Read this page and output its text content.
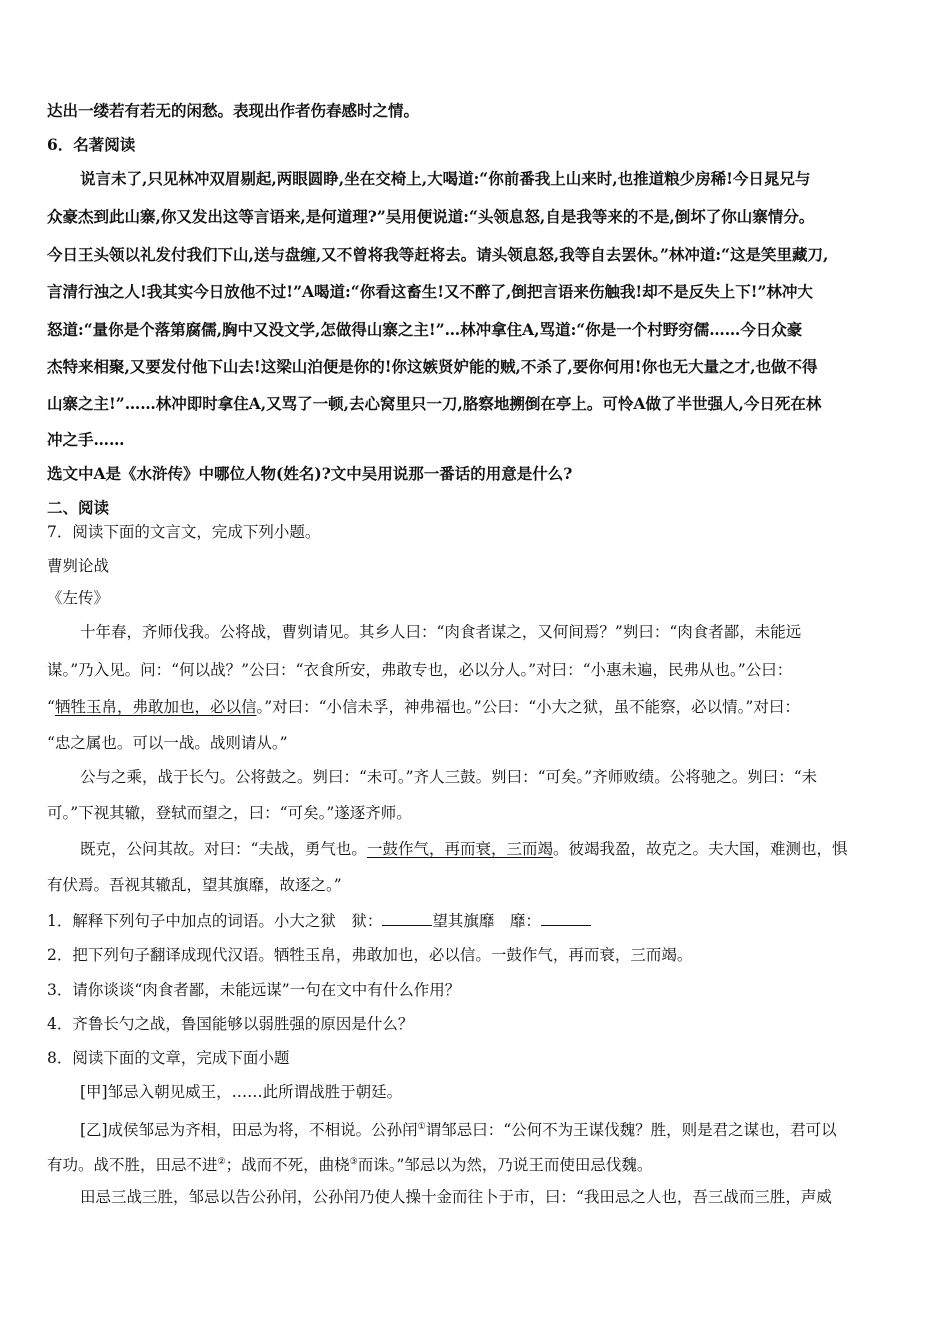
达出一缕若有若无的闲愁。表现出作者伤春感时之情。
6．名著阅读
说言未了,只见林冲双眉剔起,两眼圆睁,坐在交椅上,大喝道:“你前番我上山来时,也推道粮少房稀!今日晁兄与
众豪杰到此山寨,你又发出这等言语来,是何道理?”吴用便说道:“头领息怒,自是我等来的不是,倒坏了你山寨情分。
今日王头领以礼发付我们下山,送与盘缠,又不曾将我等赶将去。请头领息怒,我等自去罢休。”林冲道:“这是笑里藏刀,
言清行浊之人!我其实今日放他不过!”A喝道:“你看这畜生!又不醉了,倒把言语来伤触我!却不是反失上下!”林冲大
怒道:“量你是个落第腐儒,胸中又没文学,怎做得山寨之主!”…林冲拿住A,骂道:“你是一个村野穷儒……今日众豪
杰特来相聚,又要发付他下山去!这梁山泊便是你的!你这嫉贤妒能的贼,不杀了,要你何用!你也无大量之才,也做不得
山寨之主!”……林冲即时拿住A,又骂了一顿,去心窝里只一刀,胳察地搠倒在亭上。可怜A做了半世强人,今日死在林
冲之手……
选文中A是《水浒传》中哪位人物(姓名)?文中吴用说那一番话的用意是什么?
二、阅读
7．阅读下面的文言文，完成下列小题。
曹刿论战
《左传》
十年春，齐师伐我。公将战，曹刿请见。其乡人曰：“肉食者谋之，又何间焉？”刿曰：“肉食者鄙，未能远
谋。”乃入见。问：“何以战？”公曰：“衣食所安，弗敢专也，必以分人。”对曰：“小惠未遍，民弗从也。”公曰：
“牺牲玉帛，弗敢加也，必以信。”对曰：“小信未孚，神弗福也。”公曰：“小大之狱，虽不能察，必以情。”对曰：
“忠之属也。可以一战。战则请从。”
公与之乘，战于长勺。公将鼓之。刿曰：“未可。”齐人三鼓。刿曰：“可矣。”齐师败绩。公将驰之。刿曰：“未
可。”下视其辙，登轼而望之，曰：“可矣。”遂逐齐师。
既克，公问其故。对曰：“夫战，勇气也。一鼓作气，再而衰，三而竭。彼竭我盈，故克之。夫大国，难测也，惧
有伏焉。吾视其辙乱，望其旗靡，故逐之。”
1．解释下列句子中加点的词语。小大之狱　狱：	望其旗靡　靡：
2．把下列句子翻译成现代汉语。牺牲玉帛，弗敢加也，必以信。一鼓作气，再而衰，三而竭。
3．请你谈谈“肉食者鄙，未能远谋”一句在文中有什么作用？
4．齐鲁长勺之战，鲁国能够以弱胜强的原因是什么？
8．阅读下面的文章，完成下面小题
[甲]邹忌入朝见威王，……此所谓战胜于朝廷。
[乙]成侯邹忌为齐相，田忌为将，不相说。公孙闬①谓邹忌曰：“公何不为王谋伐魏？胜，则是君之谋也，君可以
有功。战不胜，田忌不进②；战而不死，曲桡③而诛。”邹忌以为然，乃说王而使田忌伐魏。
田忌三战三胜，邹忌以告公孙闬，公孙闬乃使人操十金而往卜于市，曰：“我田忌之人也，吾三战而三胜，声威
